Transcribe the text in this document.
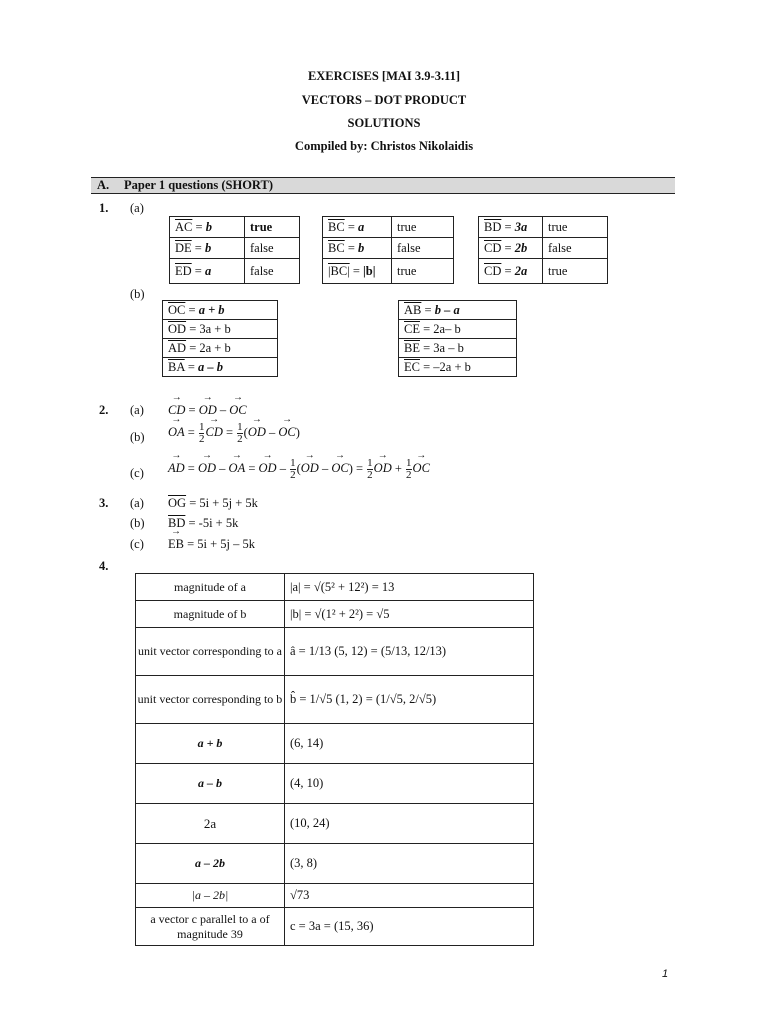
EXERCISES [MAI 3.9-3.11]
VECTORS – DOT PRODUCT
SOLUTIONS
Compiled by: Christos Nikolaidis
A. Paper 1 questions (SHORT)
1. (a)
$\overline{AC} = b$	true
$\overline{DE} = b$	false
$\overline{ED} = a$	false
$\overline{BC} = a$	true
$\overline{BC} = b$	false
|BC| = |b|	true
$\overline{BD} = 3a$	true
$\overline{CD} = 2b$	false
$\overline{CD} = 2a$	true
(b)
$\overline{OC} = a + b$
$\overline{OD} = 3a + b$
$\overline{AD} = 2a + b$
$\overline{BA} = a - b$
$\overline{AB} = b - a$
$\overline{CE} = 2a-$ b
$\overline{BE} = 3a - b$
$\overline{EC} = -2a + b$
2. (a) → CD = → OD – → OC
(b) → OA = $\frac{1}{2}$ → CD = $\frac{1}{2}$ (→ OD – → OC)
(c) → AD = → OD – → OA = → OD – $\frac{1}{2}$ (→ OD – → $OC) = \frac{1}{2}$ → OD + $\frac{1}{2}$ → OC
3. (a) $\overline{OG} = 5i + 5j + 5k$
(b) $\overline{BD} = -5i + 5k$
(c) → EB = 5i + 5j – 5k
4.
magnitude of a	|a| = √(5² + 12²) = 13
magnitude of b	|b| = √(1² + 2²) = √5
unit vector corresponding to a	â = 1/13 (5, 12) = (5/13, 12/13)
unit vector corresponding to b	b̂ = 1/√5 (1, 2) = (1/√5, 2/√5)
a + b	(6, 14)
a – b	(4, 10)
2a	(10, 24)
a – 2b	(3, 8)
|a – 2b|	√73
a vector c parallel to a of magnitude 39	c = 3a = (15, 36)
1
